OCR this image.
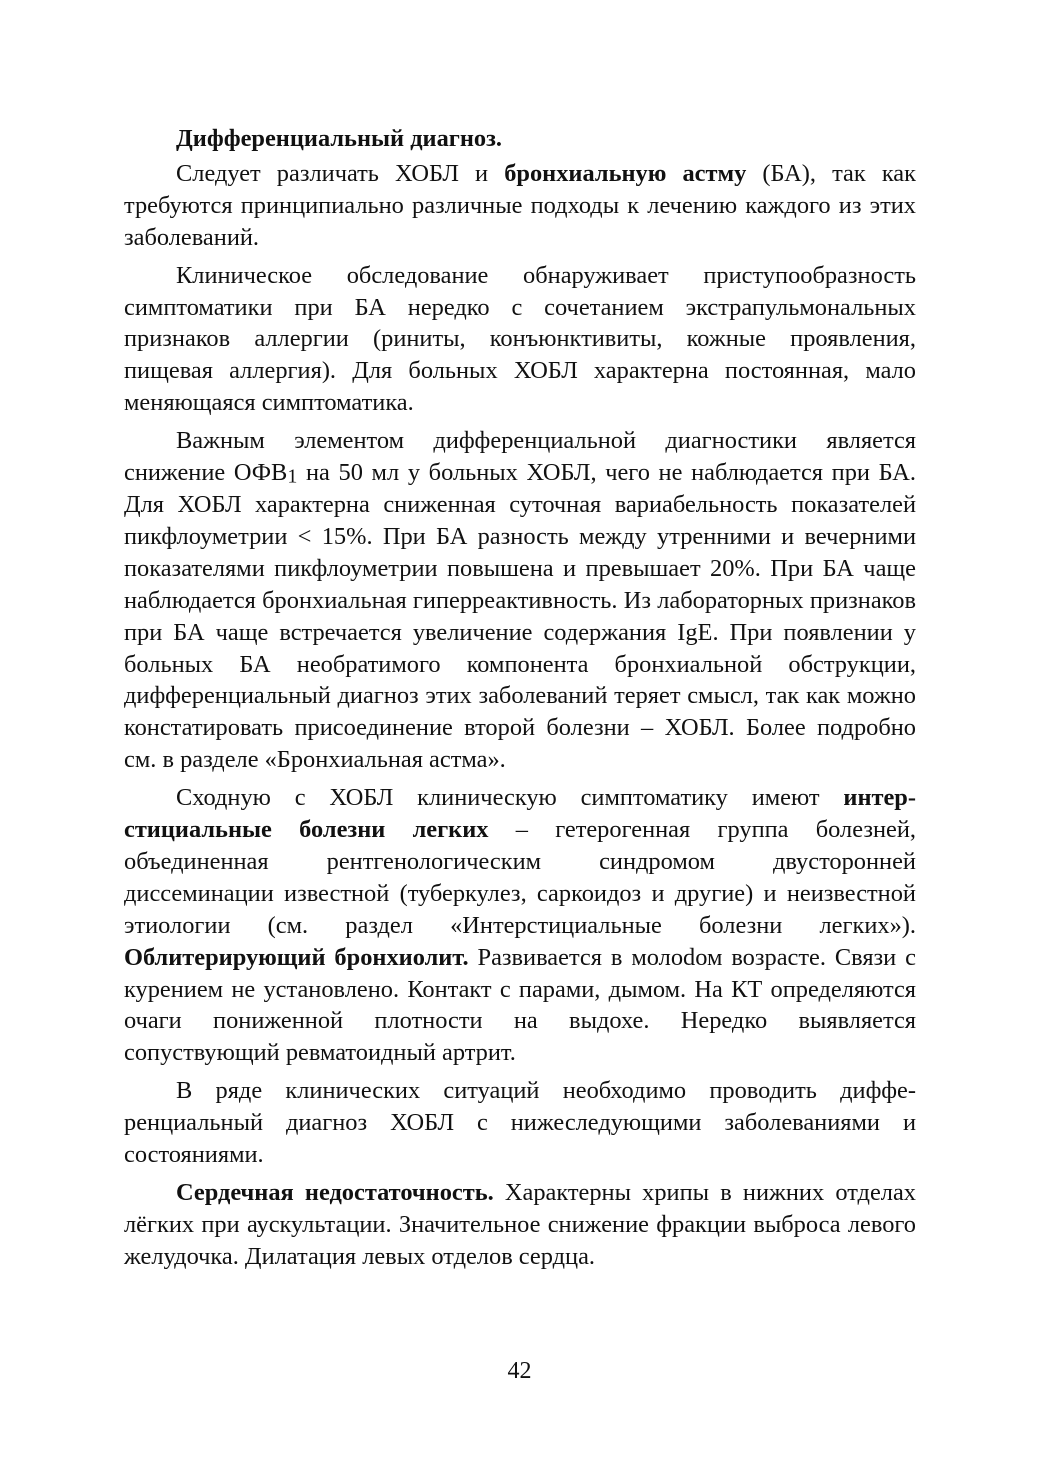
Дифференциальный диагноз.

Следует различать ХОБЛ и бронхиальную астму (БА), так как требуются принципиально различные подходы к лечению каждого из этих заболеваний.

Клиническое обследование обнаруживает приступообразность симптоматики при БА нередко с сочетанием экстрапульмональных признаков аллергии (риниты, конъюнктивиты, кожные проявления, пищевая аллергия). Для больных ХОБЛ характерна постоянная, мало меняющаяся симптоматика.

Важным элементом дифференциальной диагностики является снижение ОФВ1 на 50 мл у больных ХОБЛ, чего не наблюдается при БА. Для ХОБЛ характерна сниженная суточная вариабельность показателей пикфлоуметрии < 15%. При БА разность между утренними и вечерними показателями пикфлоуметрии повышена и превышает 20%. При БА чаще наблюдается бронхиальная гиперреактивность. Из лабораторных признаков при БА чаще встречается увеличение содержания IgE. При появлении у больных БА необратимого компонента бронхиальной обструкции, дифференциальный диагноз этих заболеваний теряет смысл, так как можно констатировать присоединение второй болезни – ХОБЛ. Более подробно см. в разделе «Бронхиальная астма».

Сходную с ХОБЛ клиническую симптоматику имеют интерстициальные болезни легких – гетерогенная группа болезней, объединенная рентгенологическим синдромом двусторонней диссеминации известной (туберкулез, саркоидоз и другие) и неизвестной этиологии (см. раздел «Интерстициальные болезни легких»). Облитерирующий бронхиолит. Развивается в молоdом возрасте. Связи с курением не установлено. Контакт с парами, дымом. На КТ определяются очаги пониженной плотности на выдохе. Нередко выявляется сопуствующий ревматоидный артрит.

В ряде клинических ситуаций необходимо проводить дифференциальный диагноз ХОБЛ с нижеследующими заболеваниями и состояниями.

Сердечная недостаточность. Характерны хрипы в нижних отделах лёгких при аускультации. Значительное снижение фракции выброса левого желудочка. Дилатация левых отделов сердца.

42
